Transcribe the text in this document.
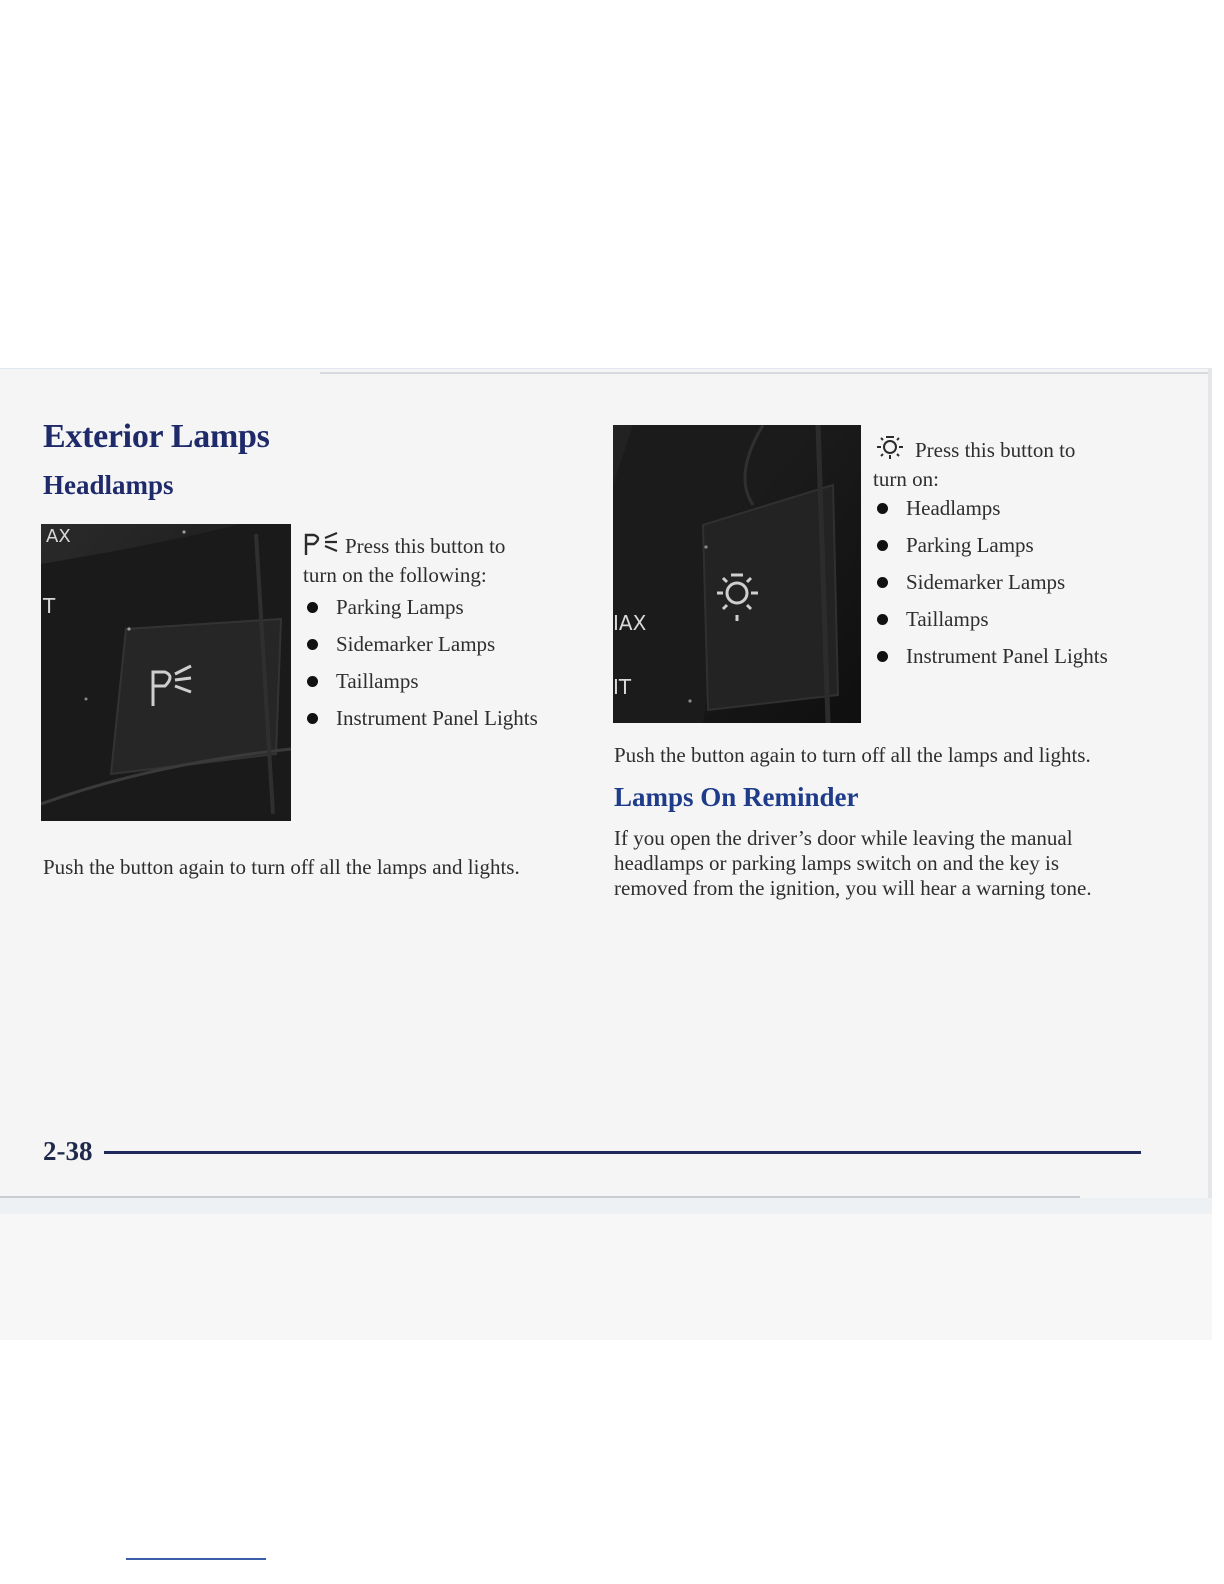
Exterior Lamps
Headlamps
AX
T

Press this button to
turn on the following:

Parking Lamps
Sidemarker Lamps
Taillamps
Instrument Panel Lights

Push the button again to turn off all the lamps and lights.

IAX
IT

Press this button to
turn on:

Headlamps
Parking Lamps
Sidemarker Lamps
Taillamps
Instrument Panel Lights

Push the button again to turn off all the lamps and lights.

Lamps On Reminder

If you open the driver’s door while leaving the manual
headlamps or parking lamps switch on and the key is
removed from the ignition, you will hear a warning tone.

2-38
